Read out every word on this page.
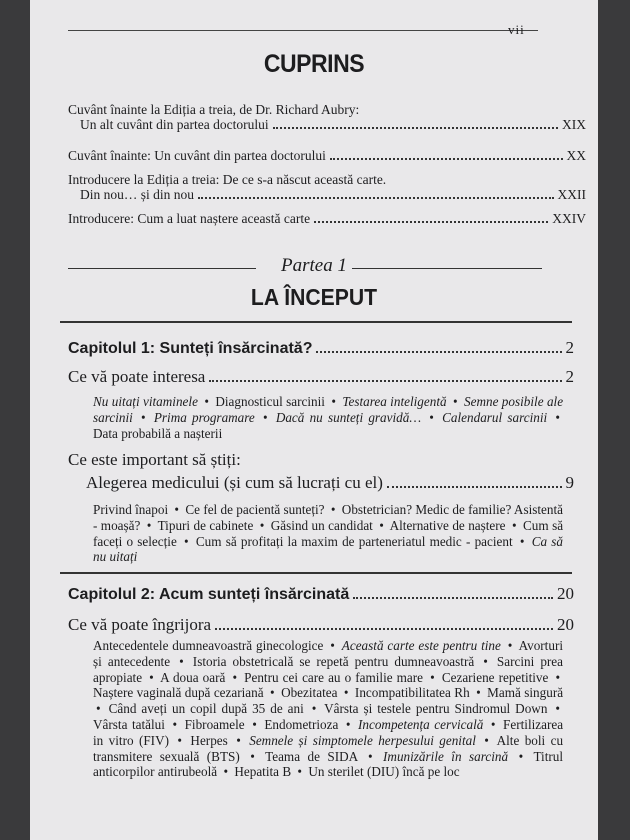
vii
CUPRINS
Cuvânt înainte la Ediția a treia, de Dr. Richard Aubry:
Un alt cuvânt din partea doctorului	XIX
Cuvânt înainte: Un cuvânt din partea doctorului	XX
Introducere la Ediția a treia: De ce s-a născut această carte.
Din nou… și din nou	XXII
Introducere: Cum a luat naștere această carte	XXIV
Partea 1
LA ÎNCEPUT
Capitolul 1: Sunteți însărcinată?	2
Ce vă poate interesa	2
Nu uitați vitaminele • Diagnosticul sarcinii • Testarea inteligentă • Semne posibile ale sarcinii • Prima programare • Dacă nu sunteți gravidă… • Calendarul sarcinii • Data probabilă a nașterii
Ce este important să știți:
Alegerea medicului (și cum să lucrați cu el)	9
Privind înapoi • Ce fel de pacientă sunteți? • Obstetrician? Medic de familie? Asistentă - moașă? • Tipuri de cabinete • Găsind un candidat • Alternative de naștere • Cum să faceți o selecție • Cum să profitați la maxim de parteneriatul medic - pacient • Ca să nu uitați
Capitolul 2: Acum sunteți însărcinată	20
Ce vă poate îngrijora	20
Antecedentele dumneavoastră ginecologice • Această carte este pentru tine • Avorturi și antecedente • Istoria obstetricală se repetă pentru dumneavoastră • Sarcini prea apropiate • A doua oară • Pentru cei care au o familie mare • Cezariene repetitive • Naștere vaginală după cezariană • Obezitatea • Incompatibilitatea Rh • Mamă singură • Când aveți un copil după 35 de ani • Vârsta și testele pentru Sindromul Down • Vârsta tatălui • Fibroamele • Endometrioza • Incompetența cervicală • Fertilizarea in vitro (FIV) • Herpes • Semnele și simptomele herpesului genital • Alte boli cu transmitere sexuală (BTS) • Teama de SIDA • Imunizările în sarcină • Titrul anticorpilor antirubeolă • Hepatita B • Un sterilet (DIU) încă pe loc
